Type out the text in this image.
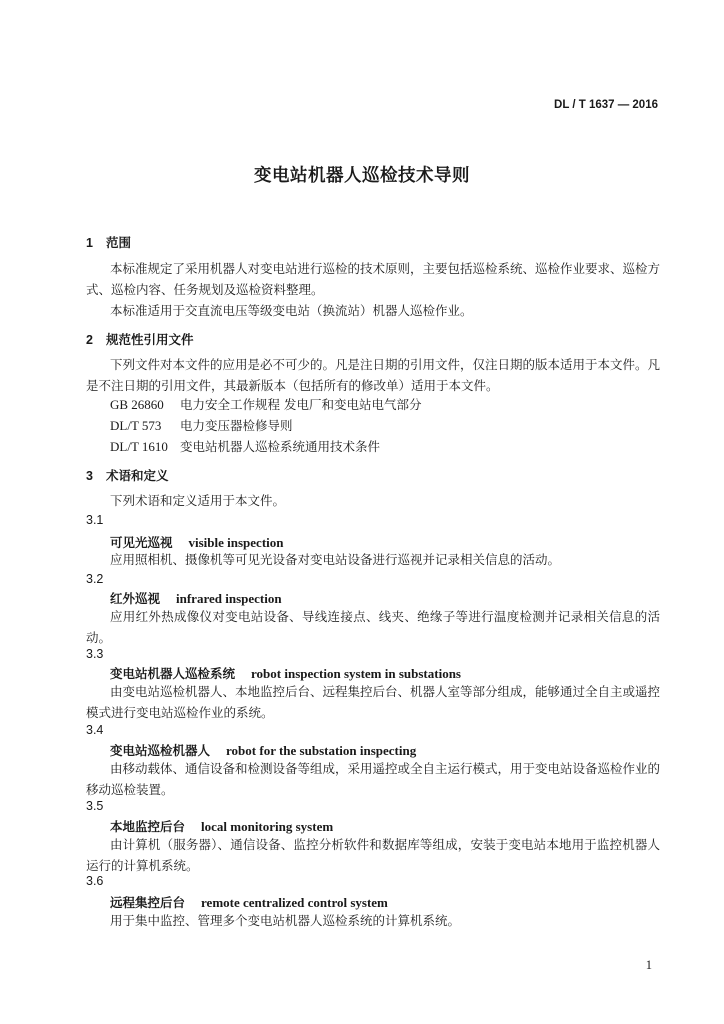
DL / T 1637 — 2016
变电站机器人巡检技术导则
1 范围
本标准规定了采用机器人对变电站进行巡检的技术原则，主要包括巡检系统、巡检作业要求、巡检方式、巡检内容、任务规划及巡检资料整理。
本标准适用于交直流电压等级变电站（换流站）机器人巡检作业。
2 规范性引用文件
下列文件对本文件的应用是必不可少的。凡是注日期的引用文件，仅注日期的版本适用于本文件。凡是不注日期的引用文件，其最新版本（包括所有的修改单）适用于本文件。
GB 26860 电力安全工作规程 发电厂和变电站电气部分
DL/T 573 电力变压器检修导则
DL/T 1610 变电站机器人巡检系统通用技术条件
3 术语和定义
下列术语和定义适用于本文件。
3.1
可见光巡视 visible inspection
应用照相机、摄像机等可见光设备对变电站设备进行巡视并记录相关信息的活动。
3.2
红外巡视 infrared inspection
应用红外热成像仪对变电站设备、导线连接点、线夹、绝缘子等进行温度检测并记录相关信息的活动。
3.3
变电站机器人巡检系统 robot inspection system in substations
由变电站巡检机器人、本地监控后台、远程集控后台、机器人室等部分组成，能够通过全自主或遥控模式进行变电站巡检作业的系统。
3.4
变电站巡检机器人 robot for the substation inspecting
由移动载体、通信设备和检测设备等组成，采用遥控或全自主运行模式，用于变电站设备巡检作业的移动巡检装置。
3.5
本地监控后台 local monitoring system
由计算机（服务器）、通信设备、监控分析软件和数据库等组成，安装于变电站本地用于监控机器人运行的计算机系统。
3.6
远程集控后台 remote centralized control system
用于集中监控、管理多个变电站机器人巡检系统的计算机系统。
1
